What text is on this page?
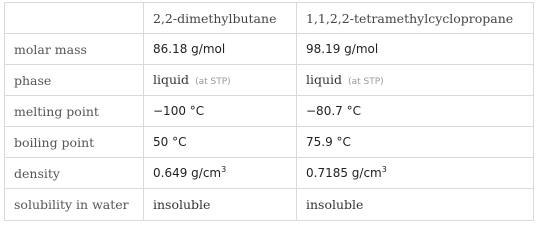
	2,2-dimethylbutane	1,1,2,2-tetramethylcyclopropane
molar mass	86.18 g/mol	98.19 g/mol
phase	liquid (at STP)	liquid (at STP)
melting point	−100 °C	−80.7 °C
boiling point	50 °C	75.9 °C
density	0.649 $g/cm^3$	0.7185 $g/cm^3$
solubility in water	insoluble	insoluble
